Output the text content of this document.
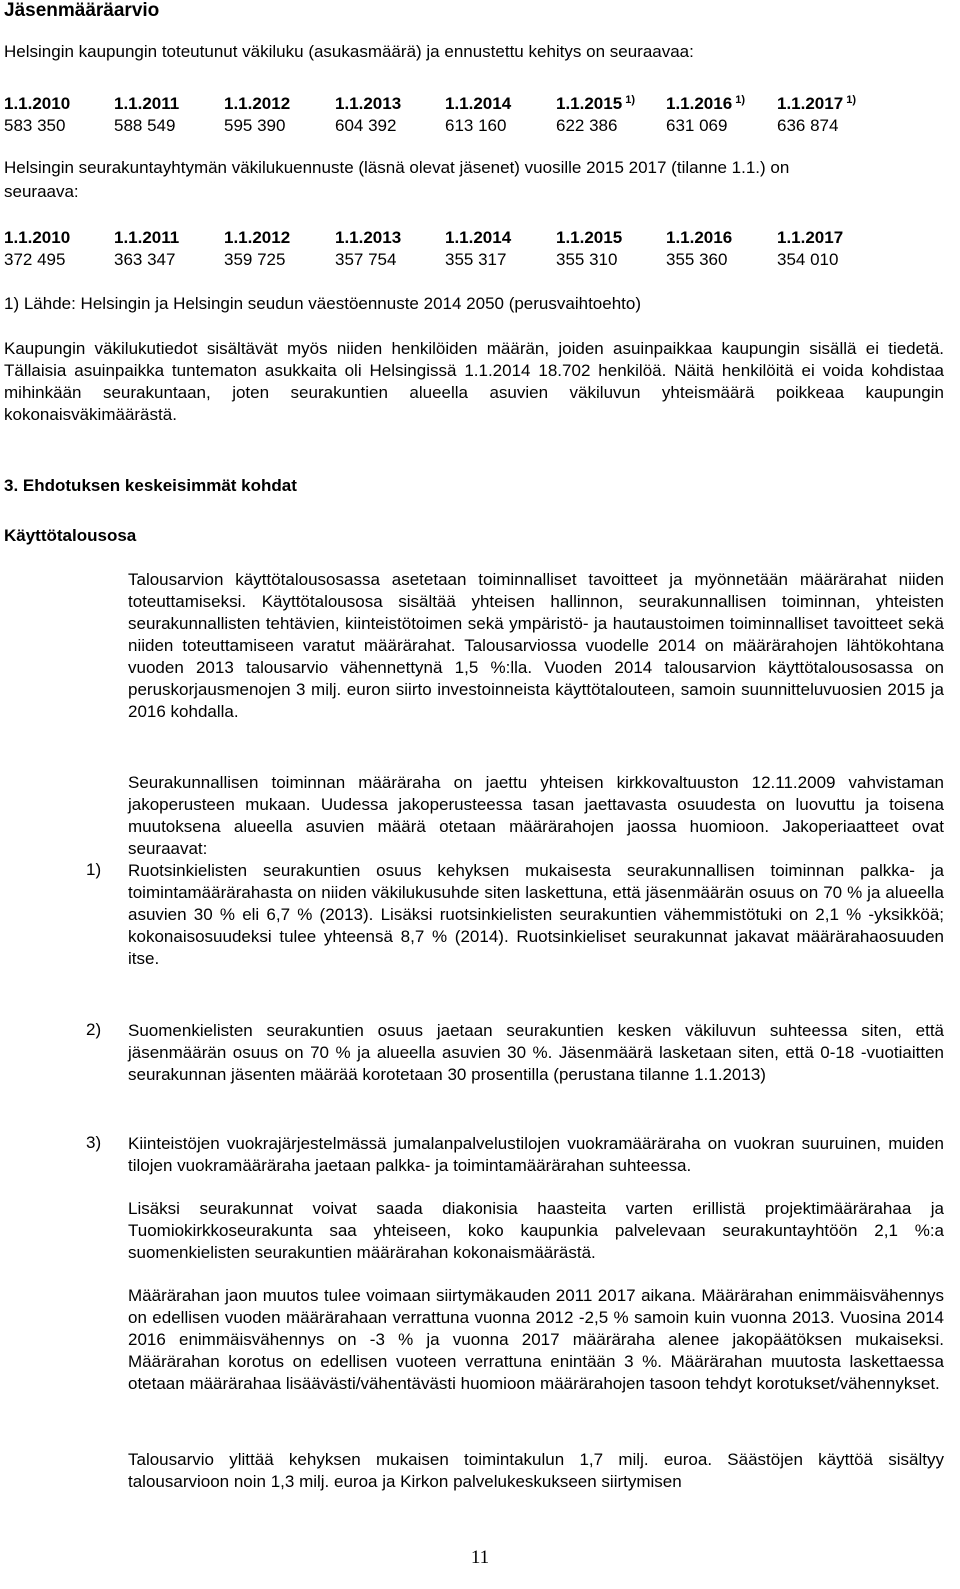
Jäsenmääräarvio
Helsingin kaupungin toteutunut väkiluku (asukasmäärä) ja ennustettu kehitys on seuraavaa:
1.1.2010	1.1.2011	1.1.2012	1.1.2013	1.1.2014	1.1.2015 $^{1)}$ 1.1.2016 $^{1)}$ 1.1.2017 $^{1)}$
583 350	588 549	595 390	604 392	613 160	622 386	631 069	636 874
Helsingin seurakuntayhtymän väkilukuennuste (läsnä olevat jäsenet) vuosille 2015 2017 (tilanne 1.1.) on
seuraava:
1.1.2010	1.1.2011	1.1.2012	1.1.2013	1.1.2014	1.1.2015	1.1.2016	1.1.2017
372 495	363 347	359 725	357 754	355 317	355 310	355 360	354 010
1) Lähde: Helsingin ja Helsingin seudun väestöennuste 2014 2050 (perusvaihtoehto)
Kaupungin väkilukutiedot sisältävät myös niiden henkilöiden määrän, joiden asuinpaikkaa kaupungin sisällä ei tiedetä. Tällaisia asuinpaikka tuntematon asukkaita oli Helsingissä 1.1.2014 18.702 henkilöä. Näitä henkilöitä ei voida kohdistaa mihinkään seurakuntaan, joten seurakuntien alueella asuvien väkiluvun yhteismäärä poikkeaa kaupungin kokonaisväkimäärästä.
3. Ehdotuksen keskeisimmät kohdat
Käyttötalousosa
Talousarvion käyttötalousosassa asetetaan toiminnalliset tavoitteet ja myönnetään määrärahat niiden toteuttamiseksi. Käyttötalousosa sisältää yhteisen hallinnon, seurakunnallisen toiminnan, yhteisten seurakunnallisten tehtävien, kiinteistötoimen sekä ympäristö- ja hautaustoimen toiminnalliset tavoitteet sekä niiden toteuttamiseen varatut määrärahat. Talousarviossa vuodelle 2014 on määrärahojen lähtökohtana vuoden 2013 talousarvio vähennettynä 1,5 %:lla. Vuoden 2014 talousarvion käyttötalousosassa on peruskorjausmenojen 3 milj. euron siirto investoinneista käyttötalouteen, samoin suunnitteluvuosien 2015 ja 2016 kohdalla.
Seurakunnallisen toiminnan määräraha on jaettu yhteisen kirkkovaltuuston 12.11.2009 vahvistaman jakoperusteen mukaan. Uudessa jakoperusteessa tasan jaettavasta osuudesta on luovuttu ja toisena muutoksena alueella asuvien määrä otetaan määrärahojen jaossa huomioon. Jakoperiaatteet ovat seuraavat:
1) Ruotsinkielisten seurakuntien osuus kehyksen mukaisesta seurakunnallisen toiminnan palkka- ja toimintamäärärahasta on niiden väkilukusuhde siten laskettuna, että jäsenmäärän osuus on 70 % ja alueella asuvien 30 % eli 6,7 % (2013). Lisäksi ruotsinkielisten seurakuntien vähemmistötuki on 2,1 % -yksikköä; kokonaisosuudeksi tulee yhteensä 8,7 % (2014). Ruotsinkieliset seurakunnat jakavat määrärahaosuuden itse.
2) Suomenkielisten seurakuntien osuus jaetaan seurakuntien kesken väkiluvun suhteessa siten, että jäsenmäärän osuus on 70 % ja alueella asuvien 30 %. Jäsenmäärä lasketaan siten, että 0-18 -vuotiaitten seurakunnan jäsenten määrää korotetaan 30 prosentilla (perustana tilanne 1.1.2013)
3) Kiinteistöjen vuokrajärjestelmässä jumalanpalvelustilojen vuokramääräraha on vuokran suuruinen, muiden tilojen vuokramääräraha jaetaan palkka- ja toimintamäärärahan suhteessa.
Lisäksi seurakunnat voivat saada diakonisia haasteita varten erillistä projektimäärärahaa ja Tuomiokirkkoseurakunta saa yhteiseen, koko kaupunkia palvelevaan seurakuntayhtöön 2,1 %:a suomenkielisten seurakuntien määrärahan kokonaismäärästä.
Määrärahan jaon muutos tulee voimaan siirtymäkauden 2011 2017 aikana. Määrärahan enimmäisvähennys on edellisen vuoden määrärahaan verrattuna vuonna 2012 -2,5 % samoin kuin vuonna 2013. Vuosina 2014 2016 enimmäisvähennys on -3 % ja vuonna 2017 määräraha alenee jakopäätöksen mukaiseksi. Määrärahan korotus on edellisen vuoteen verrattuna enintään 3 %. Määrärahan muutosta laskettaessa otetaan määrärahaa lisäävästi/vähentävästi huomioon määrärahojen tasoon tehdyt korotukset/vähennykset.
Talousarvio ylittää kehyksen mukaisen toimintakulun 1,7 milj. euroa. Säästöjen käyttöä sisältyy talousarvioon noin 1,3 milj. euroa ja Kirkon palvelukeskukseen siirtymisen
11
